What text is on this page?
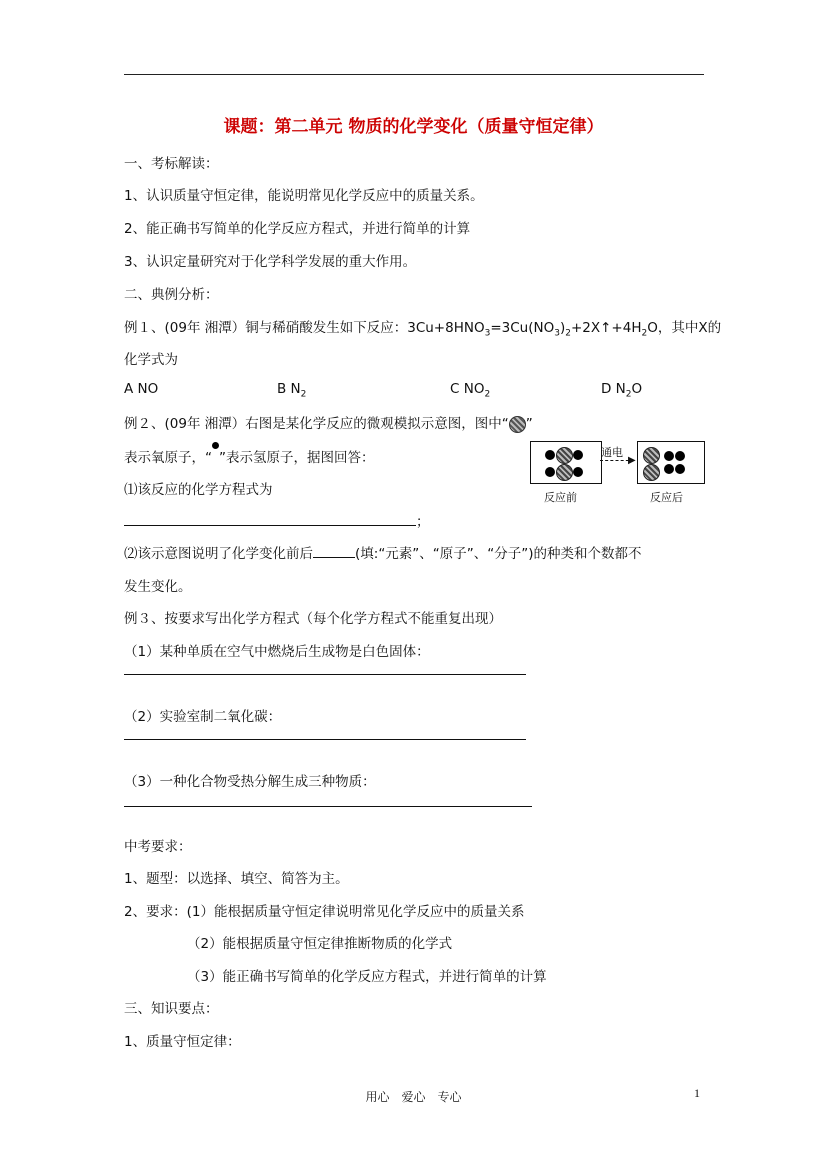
课题：第二单元 物质的化学变化（质量守恒定律）
一、考标解读：
1、认识质量守恒定律，能说明常见化学反应中的质量关系。
2、能正确书写简单的化学反应方程式，并进行简单的计算
3、认识定量研究对于化学科学发展的重大作用。
二、典例分析：
例１、(09年 湘潭）铜与稀硝酸发生如下反应：$3Cu+8HNO_3=3Cu(NO_3)_2+2X↑+4H_2O$，其中X的
化学式为
A NO	B $N_2$	C $NO_2$	D $N_2O$
例２、(09年 湘潭）右图是某化学反应的微观模拟示意图，图中“ ”
表示氧原子，“ ”表示氢原子，据图回答：	通电
▶
反应前	反应后
⑴该反应的化学方程式为
；
⑵该示意图说明了化学变化前后	(填:“元素”、“原子”、“分子”)的种类和个数都不
发生变化。
例３、按要求写出化学方程式（每个化学方程式不能重复出现）
（1）某种单质在空气中燃烧后生成物是白色固体：
（2）实验室制二氧化碳：
（3）一种化合物受热分解生成三种物质：
中考要求：
1、题型：以选择、填空、简答为主。
2、要求：(1）能根据质量守恒定律说明常见化学反应中的质量关系
（2）能根据质量守恒定律推断物质的化学式
（3）能正确书写简单的化学反应方程式，并进行简单的计算
三、知识要点：
1、质量守恒定律：
用心　爱心　专心	1
